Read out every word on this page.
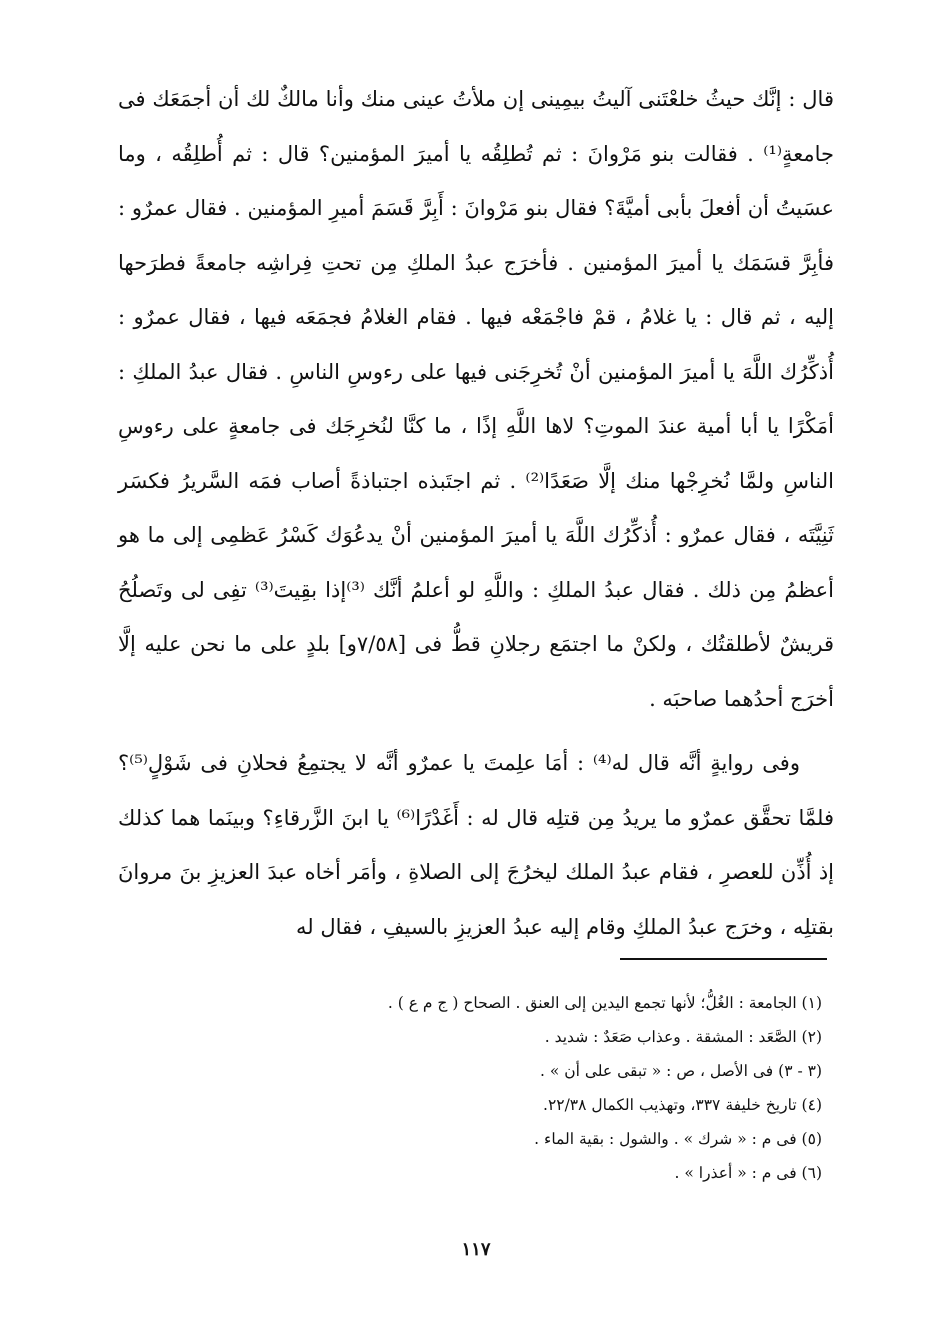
قال : إنَّك حيثُ خلعْتَنى آليتُ بيمِينى إن ملأتُ عينى منك وأنا مالكٌ لك أن أجمَعَك فى جامعةٍ⁽¹⁾ . فقالت بنو مَرْوانَ : ثم تُطلِقُه يا أميرَ المؤمنين؟ قال : ثم أُطلِقُه ، وما عسَيتُ أن أفعلَ بأبى أميَّةَ؟ فقال بنو مَرْوانَ : أَبِرَّ قَسَمَ أميرِ المؤمنين . فقال عمرٌو : فأبِرَّ قسَمَك يا أميرَ المؤمنين . فأخرَج عبدُ الملكِ مِن تحتِ فِراشِه جامعةً فطرَحها إليه ، ثم قال : يا غلامُ ، قمْ فاجْمَعْه فيها . فقام الغلامُ فجمَعَه فيها ، فقال عمرٌو : أُذكِّرُك اللَّهَ يا أميرَ المؤمنين أنْ تُخرِجَنى فيها على رءوسِ الناسِ . فقال عبدُ الملكِ : أمَكْرًا يا أبا أمية عندَ الموتِ؟ لاها اللَّهِ إذًا ، ما كنَّا لنُخرِجَك فى جامعةٍ على رءوسِ الناسِ ولمَّا نُخرِجْها منك إلَّا صَعَدًا⁽²⁾ . ثم اجتَبذه اجتباذةً أصاب فمَه السَّريرُ فكسَر ثَنِيَّتَه ، فقال عمرٌو : أُذكِّرُك اللَّهَ يا أميرَ المؤمنين أنْ يدعُوَك كَسْرُ عَظمِى إلى ما هو أعظمُ مِن ذلك . فقال عبدُ الملكِ : واللَّهِ لو أعلمُ أنَّك ⁽³⁾إذا بقِيتَ⁽³⁾ تفِى لى وتَصلُحُ قريشٌ لأطلقتُك ، ولكنْ ما اجتمَع رجلانِ قطُّ فى [٧/٥٨و] بلدٍ على ما نحن عليه إلَّا أخرَج أحدُهما صاحبَه .

وفى روايةٍ أنَّه قال له⁽⁴⁾ : أمَا علِمتَ يا عمرٌو أنَّه لا يجتمِعُ فحلانِ فى شَوْلٍ⁽⁵⁾؟ فلمَّا تحقَّق عمرٌو ما يريدُ مِن قتلِه قال له : أَغَدْرًا⁽⁶⁾ يا ابنَ الزَّرقاءِ؟ وبينَما هما كذلك إذ أُذِّن للعصرِ ، فقام عبدُ الملك ليخرُجَ إلى الصلاةِ ، وأمَر أخاه عبدَ العزيزِ بنَ مروانَ بقتلِه ، وخرَج عبدُ الملكِ وقام إليه عبدُ العزيزِ بالسيفِ ، فقال له

(١) الجامعة : الغُلُّ؛ لأنها تجمع اليدين إلى العنق . الصحاح ( ج م ع ) .
(٢) الصَّعَد : المشقة . وعذاب صَعَدٌ : شديد .
(٣ - ٣) فى الأصل ، ص : « تبقى على أن » .
(٤) تاريخ خليفة ٣٣٧، وتهذيب الكمال ٢٢/٣٨.
(٥) فى م : « شرك » . والشول : بقية الماء .
(٦) فى م : « أعذرا » .
١١٧
